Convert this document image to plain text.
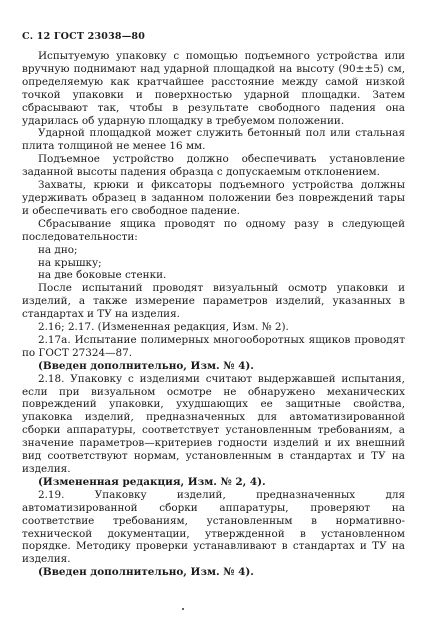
С. 12 ГОСТ 23038—80

Испытуемую упаковку с помощью подъемного устройства или вручную поднимают над ударной площадкой на высоту (90±±5) см, определяемую как кратчайшее расстояние между самой низкой точкой упаковки и поверхностью ударной площадки. Затем сбрасывают так, чтобы в результате свободного падения она ударилась об ударную площадку в требуемом положении.

Ударной площадкой может служить бетонный пол или стальная плита толщиной не менее 16 мм.

Подъемное устройство должно обеспечивать установление заданной высоты падения образца с допускаемым отклонением.

Захваты, крюки и фиксаторы подъемного устройства должны удерживать образец в заданном положении без повреждений тары и обеспечивать его свободное падение.

Сбрасывание ящика проводят по одному разу в следующей последовательности:

на дно;

на крышку;

на две боковые стенки.

После испытаний проводят визуальный осмотр упаковки и изделий, а также измерение параметров изделий, указанных в стандартах и ТУ на изделия.

2.16; 2.17. (Измененная редакция, Изм. № 2).

2.17а. Испытание полимерных многооборотных ящиков проводят по ГОСТ 27324—87.

(Введен дополнительно, Изм. № 4).

2.18. Упаковку с изделиями считают выдержавшей испытания, если при визуальном осмотре не обнаружено механических повреждений упаковки, ухудшающих ее защитные свойства, упаковка изделий, предназначенных для автоматизированной сборки аппаратуры, соответствует установленным требованиям, а значение параметров—критериев годности изделий и их внешний вид соответствуют нормам, установленным в стандартах и ТУ на изделия.

(Измененная редакция, Изм. № 2, 4).

2.19. Упаковку изделий, предназначенных для автоматизированной сборки аппаратуры, проверяют на соответствие требованиям, установленным в нормативно-технической документации, утвержденной в установленном порядке. Методику проверки устанавливают в стандартах и ТУ на изделия.

(Введен дополнительно, Изм. № 4).
